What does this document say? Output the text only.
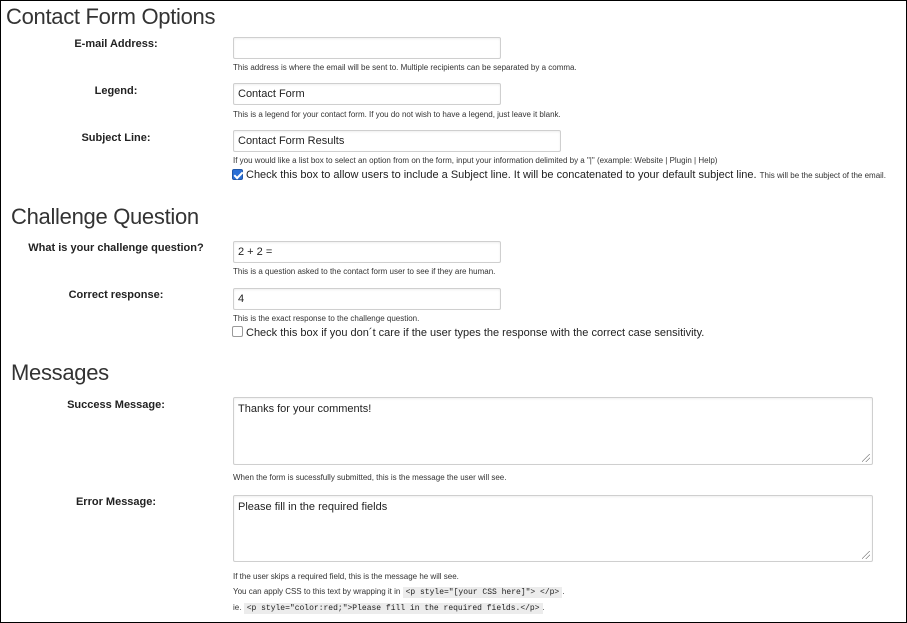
Contact Form Options
E-mail Address:
This address is where the email will be sent to. Multiple recipients can be separated by a comma.
Legend:
Contact Form
This is a legend for your contact form. If you do not wish to have a legend, just leave it blank.
Subject Line:
Contact Form Results
If you would like a list box to select an option from on the form, input your information delimited by a "|" (example: Website | Plugin | Help)
Check this box to allow users to include a Subject line. It will be concatenated to your default subject line. This will be the subject of the email.
Challenge Question
What is your challenge question?
2 + 2 =
This is a question asked to the contact form user to see if they are human.
Correct response:
4
This is the exact response to the challenge question.
Check this box if you don´t care if the user types the response with the correct case sensitivity.
Messages
Success Message:	Thanks for your comments!
When the form is sucessfully submitted, this is the message the user will see.
Error Message:	Please fill in the required fields
If the user skips a required field, this is the message he will see.
You can apply CSS to this text by wrapping it in <p style="[your CSS here]"> </p> .
ie. <p style="color:red;">Please fill in the required fields.</p> .
